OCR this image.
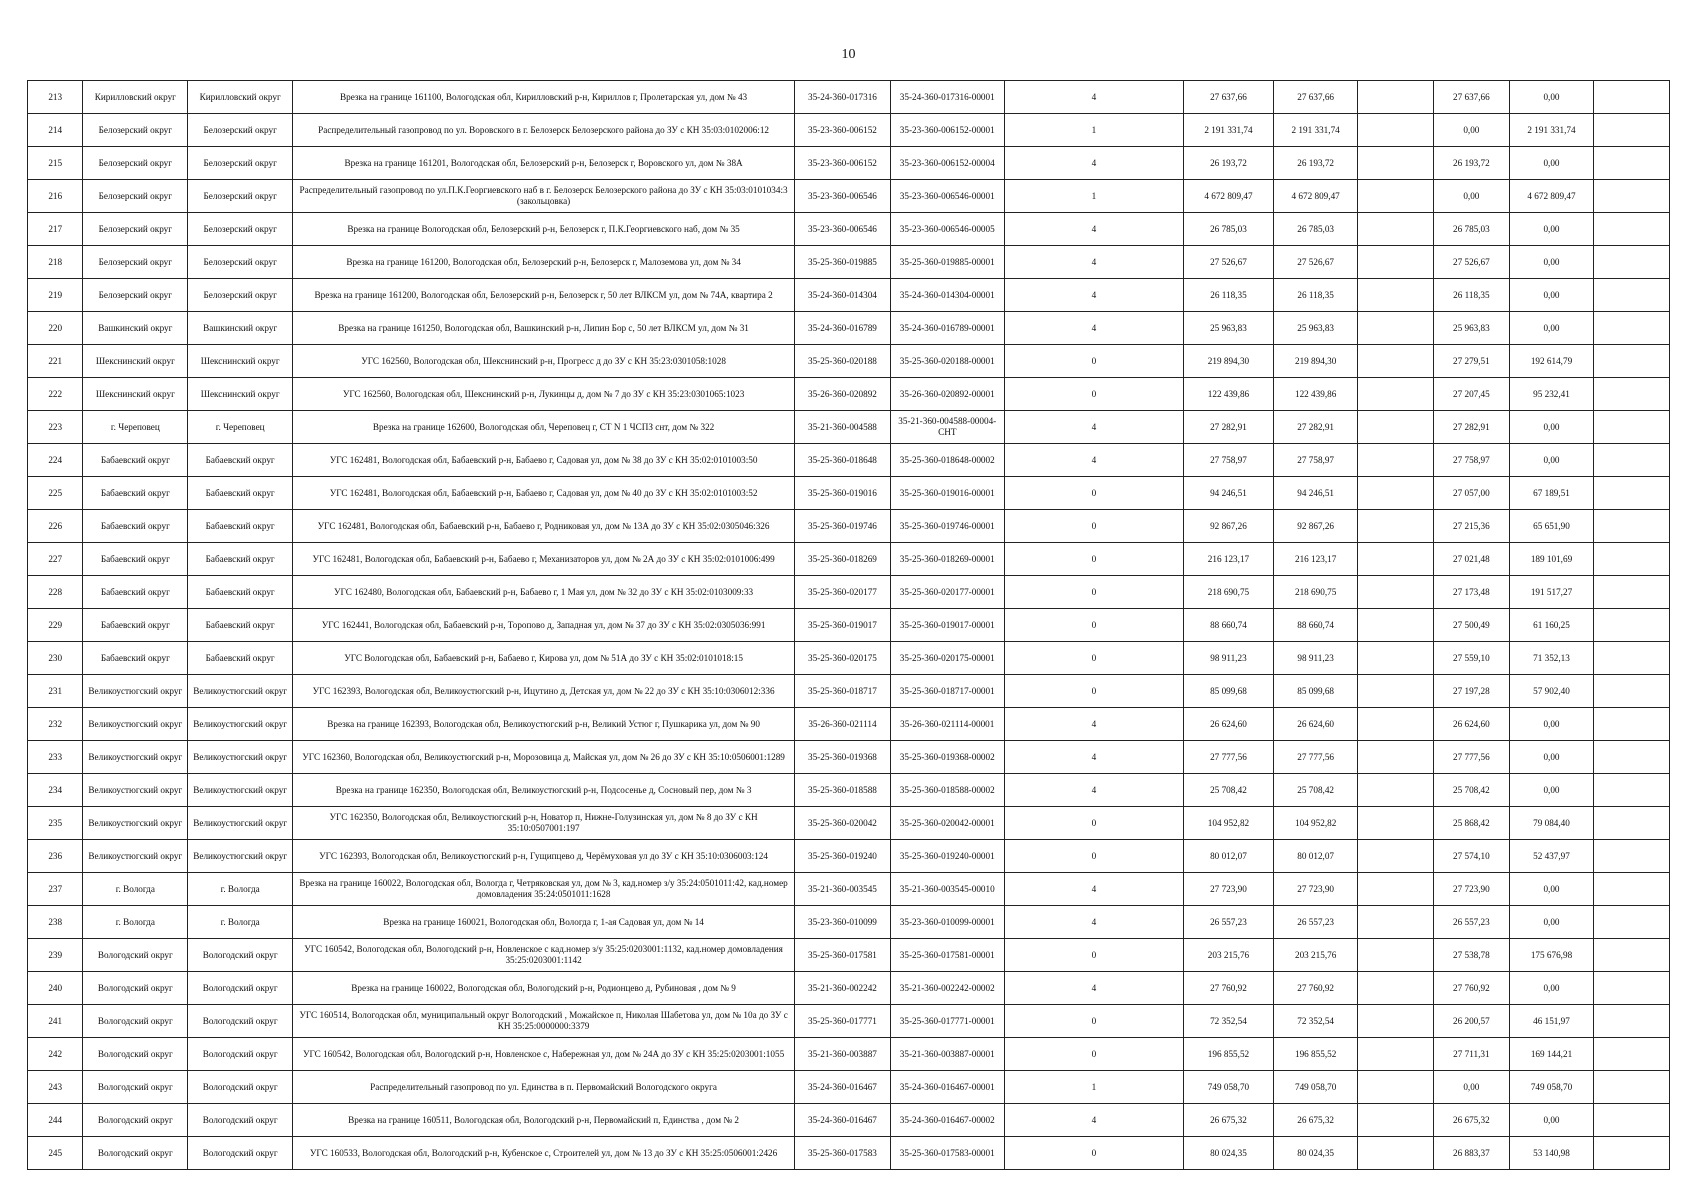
10
213	Кирилловский округ	Кирилловский округ	Врезка на границе 161100, Вологодская обл, Кирилловский р-н, Кириллов г, Пролетарская ул, дом № 43	35-24-360-017316	35-24-360-017316-00001	4	27 637,66	27 637,66		27 637,66	0,00	
214	Белозерский округ	Белозерский округ	Распределительный газопровод по ул. Воровского в г. Белозерск Белозерского района до ЗУ с КН 35:03:0102006:12	35-23-360-006152	35-23-360-006152-00001	1	2 191 331,74	2 191 331,74		0,00	2 191 331,74	
215	Белозерский округ	Белозерский округ	Врезка на границе 161201, Вологодская обл, Белозерский р-н, Белозерск г, Воровского ул, дом № 38А	35-23-360-006152	35-23-360-006152-00004	4	26 193,72	26 193,72		26 193,72	0,00	
216	Белозерский округ	Белозерский округ	Распределительный газопровод по ул.П.К.Георгиевского наб в г. Белозерск Белозерского района до ЗУ с КН 35:03:0101034:3 (закольцовка)	35-23-360-006546	35-23-360-006546-00001	1	4 672 809,47	4 672 809,47		0,00	4 672 809,47	
217	Белозерский округ	Белозерский округ	Врезка на границе Вологодская обл, Белозерский р-н, Белозерск г, П.К.Георгиевского наб, дом № 35	35-23-360-006546	35-23-360-006546-00005	4	26 785,03	26 785,03		26 785,03	0,00	
218	Белозерский округ	Белозерский округ	Врезка на границе 161200, Вологодская обл, Белозерский р-н, Белозерск г, Малоземова ул, дом № 34	35-25-360-019885	35-25-360-019885-00001	4	27 526,67	27 526,67		27 526,67	0,00	
219	Белозерский округ	Белозерский округ	Врезка на границе 161200, Вологодская обл, Белозерский р-н, Белозерск г, 50 лет ВЛКСМ ул, дом № 74А, квартира 2	35-24-360-014304	35-24-360-014304-00001	4	26 118,35	26 118,35		26 118,35	0,00	
220	Вашкинский округ	Вашкинский округ	Врезка на границе 161250, Вологодская обл, Вашкинский р-н, Липин Бор с, 50 лет ВЛКСМ ул, дом № 31	35-24-360-016789	35-24-360-016789-00001	4	25 963,83	25 963,83		25 963,83	0,00	
221	Шекснинский округ	Шекснинский округ	УГС 162560, Вологодская обл, Шекснинский р-н, Прогресс д до ЗУ с КН 35:23:0301058:1028	35-25-360-020188	35-25-360-020188-00001	0	219 894,30	219 894,30		27 279,51	192 614,79	
222	Шекснинский округ	Шекснинский округ	УГС 162560, Вологодская обл, Шекснинский р-н, Лукинцы д, дом № 7 до ЗУ с КН 35:23:0301065:1023	35-26-360-020892	35-26-360-020892-00001	0	122 439,86	122 439,86		27 207,45	95 232,41	
223	г. Череповец	г. Череповец	Врезка на границе 162600, Вологодская обл, Череповец г, СТ N 1 ЧСПЗ снт, дом № 322	35-21-360-004588	35-21-360-004588-00004-СНТ	4	27 282,91	27 282,91		27 282,91	0,00	
224	Бабаевский округ	Бабаевский округ	УГС 162481, Вологодская обл, Бабаевский р-н, Бабаево г, Садовая ул, дом № 38 до ЗУ с КН 35:02:0101003:50	35-25-360-018648	35-25-360-018648-00002	4	27 758,97	27 758,97		27 758,97	0,00	
225	Бабаевский округ	Бабаевский округ	УГС 162481, Вологодская обл, Бабаевский р-н, Бабаево г, Садовая ул, дом № 40 до ЗУ с КН 35:02:0101003:52	35-25-360-019016	35-25-360-019016-00001	0	94 246,51	94 246,51		27 057,00	67 189,51	
226	Бабаевский округ	Бабаевский округ	УГС 162481, Вологодская обл, Бабаевский р-н, Бабаево г, Родниковая ул, дом № 13А до ЗУ с КН 35:02:0305046:326	35-25-360-019746	35-25-360-019746-00001	0	92 867,26	92 867,26		27 215,36	65 651,90	
227	Бабаевский округ	Бабаевский округ	УГС 162481, Вологодская обл, Бабаевский р-н, Бабаево г, Механизаторов ул, дом № 2А до ЗУ с КН 35:02:0101006:499	35-25-360-018269	35-25-360-018269-00001	0	216 123,17	216 123,17		27 021,48	189 101,69	
228	Бабаевский округ	Бабаевский округ	УГС 162480, Вологодская обл, Бабаевский р-н, Бабаево г, 1 Мая ул, дом № 32 до ЗУ с КН 35:02:0103009:33	35-25-360-020177	35-25-360-020177-00001	0	218 690,75	218 690,75		27 173,48	191 517,27	
229	Бабаевский округ	Бабаевский округ	УГС 162441, Вологодская обл, Бабаевский р-н, Торопово д, Западная ул, дом № 37 до ЗУ с КН 35:02:0305036:991	35-25-360-019017	35-25-360-019017-00001	0	88 660,74	88 660,74		27 500,49	61 160,25	
230	Бабаевский округ	Бабаевский округ	УГС Вологодская обл, Бабаевский р-н, Бабаево г, Кирова ул, дом № 51А до ЗУ с КН 35:02:0101018:15	35-25-360-020175	35-25-360-020175-00001	0	98 911,23	98 911,23		27 559,10	71 352,13	
231	Великоустюгский округ	Великоустюгский округ	УГС 162393, Вологодская обл, Великоустюгский р-н, Ицутино д, Детская ул, дом № 22 до ЗУ с КН 35:10:0306012:336	35-25-360-018717	35-25-360-018717-00001	0	85 099,68	85 099,68		27 197,28	57 902,40	
232	Великоустюгский округ	Великоустюгский округ	Врезка на границе 162393, Вологодская обл, Великоустюгский р-н, Великий Устюг г, Пушкарика ул, дом № 90	35-26-360-021114	35-26-360-021114-00001	4	26 624,60	26 624,60		26 624,60	0,00	
233	Великоустюгский округ	Великоустюгский округ	УГС 162360, Вологодская обл, Великоустюгский р-н, Морозовица д, Майская ул, дом № 26 до ЗУ с КН 35:10:0506001:1289	35-25-360-019368	35-25-360-019368-00002	4	27 777,56	27 777,56		27 777,56	0,00	
234	Великоустюгский округ	Великоустюгский округ	Врезка на границе 162350, Вологодская обл, Великоустюгский р-н, Подсосенье д, Сосновый пер, дом № 3	35-25-360-018588	35-25-360-018588-00002	4	25 708,42	25 708,42		25 708,42	0,00	
235	Великоустюгский округ	Великоустюгский округ	УГС 162350, Вологодская обл, Великоустюгский р-н, Новатор п, Нижне-Голузинская ул, дом № 8 до ЗУ с КН 35:10:0507001:197	35-25-360-020042	35-25-360-020042-00001	0	104 952,82	104 952,82		25 868,42	79 084,40	
236	Великоустюгский округ	Великоустюгский округ	УГС 162393, Вологодская обл, Великоустюгский р-н, Гущипцево д, Черёмуховая ул до ЗУ с КН 35:10:0306003:124	35-25-360-019240	35-25-360-019240-00001	0	80 012,07	80 012,07		27 574,10	52 437,97	
237	г. Вологда	г. Вологда	Врезка на границе 160022, Вологодская обл, Вологда г, Четряковская ул, дом № 3, кад.номер з/у 35:24:0501011:42, кад.номер домовладения 35:24:0501011:1628	35-21-360-003545	35-21-360-003545-00010	4	27 723,90	27 723,90		27 723,90	0,00	
238	г. Вологда	г. Вологда	Врезка на границе 160021, Вологодская обл, Вологда г, 1-ая Садовая ул, дом № 14	35-23-360-010099	35-23-360-010099-00001	4	26 557,23	26 557,23		26 557,23	0,00	
239	Вологодский округ	Вологодский округ	УГС 160542, Вологодская обл, Вологодский р-н, Новленское с кад.номер з/у 35:25:0203001:1132, кад.номер домовладения 35:25:0203001:1142	35-25-360-017581	35-25-360-017581-00001	0	203 215,76	203 215,76		27 538,78	175 676,98	
240	Вологодский округ	Вологодский округ	Врезка на границе 160022, Вологодская обл, Вологодский р-н, Родионцево д, Рубиновая , дом № 9	35-21-360-002242	35-21-360-002242-00002	4	27 760,92	27 760,92		27 760,92	0,00	
241	Вологодский округ	Вологодский округ	УГС 160514, Вологодская обл, муниципальный округ Вологодский , Можайское п, Николая Шабетова ул, дом № 10а до ЗУ с КН 35:25:0000000:3379	35-25-360-017771	35-25-360-017771-00001	0	72 352,54	72 352,54		26 200,57	46 151,97	
242	Вологодский округ	Вологодский округ	УГС 160542, Вологодская обл, Вологодский р-н, Новленское с, Набережная ул, дом № 24А до ЗУ с КН 35:25:0203001:1055	35-21-360-003887	35-21-360-003887-00001	0	196 855,52	196 855,52		27 711,31	169 144,21	
243	Вологодский округ	Вологодский округ	Распределительный газопровод по ул. Единства в п. Первомайский Вологодского округа	35-24-360-016467	35-24-360-016467-00001	1	749 058,70	749 058,70		0,00	749 058,70	
244	Вологодский округ	Вологодский округ	Врезка на границе 160511, Вологодская обл, Вологодский р-н, Первомайский п, Единства , дом № 2	35-24-360-016467	35-24-360-016467-00002	4	26 675,32	26 675,32		26 675,32	0,00	
245	Вологодский округ	Вологодский округ	УГС 160533, Вологодская обл, Вологодский р-н, Кубенское с, Строителей ул, дом № 13 до ЗУ с КН 35:25:0506001:2426	35-25-360-017583	35-25-360-017583-00001	0	80 024,35	80 024,35		26 883,37	53 140,98	
